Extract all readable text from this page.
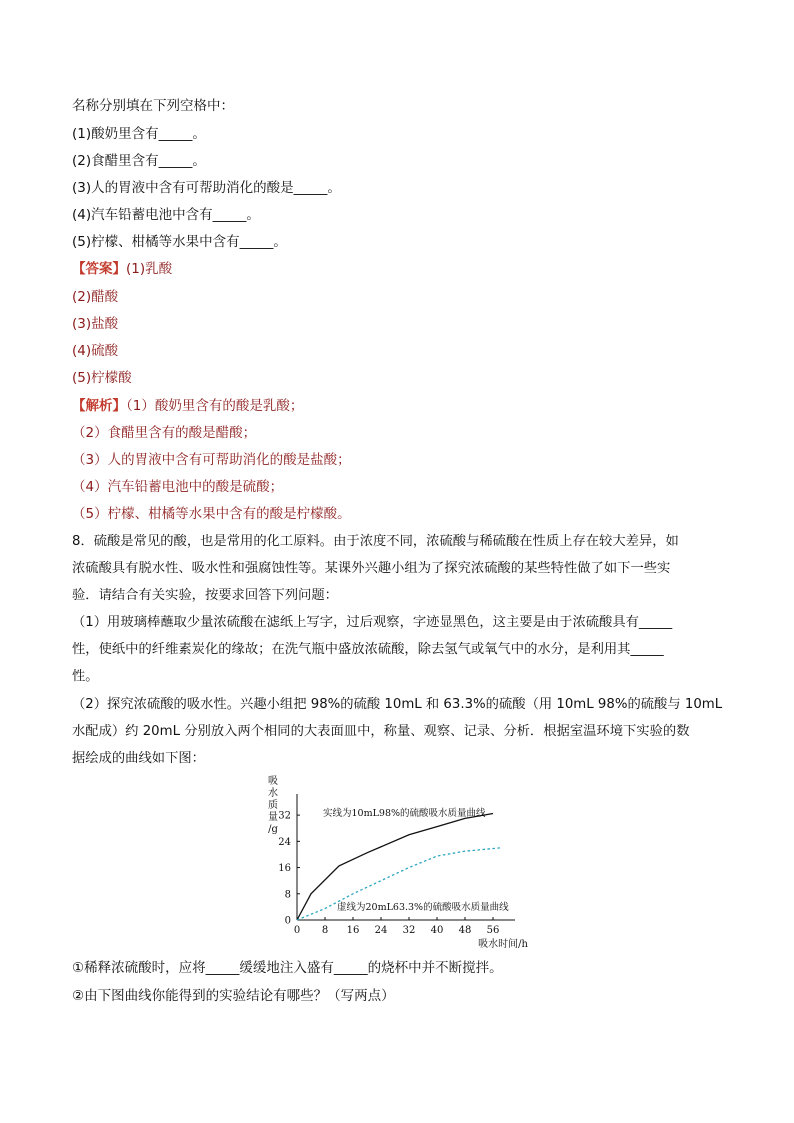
名称分别填在下列空格中：
(1)酸奶里含有_____。
(2)食醋里含有_____。
(3)人的胃液中含有可帮助消化的酸是_____。
(4)汽车铅蓄电池中含有_____。
(5)柠檬、柑橘等水果中含有_____。
【答案】(1)乳酸
(2)醋酸
(3)盐酸
(4)硫酸
(5)柠檬酸
【解析】（1）酸奶里含有的酸是乳酸；
（2）食醋里含有的酸是醋酸；
（3）人的胃液中含有可帮助消化的酸是盐酸；
（4）汽车铅蓄电池中的酸是硫酸；
（5）柠檬、柑橘等水果中含有的酸是柠檬酸。
8．硫酸是常见的酸，也是常用的化工原料。由于浓度不同，浓硫酸与稀硫酸在性质上存在较大差异，如
浓硫酸具有脱水性、吸水性和强腐蚀性等。某课外兴趣小组为了探究浓硫酸的某些特性做了如下一些实
验．请结合有关实验，按要求回答下列问题：
（1）用玻璃棒蘸取少量浓硫酸在滤纸上写字，过后观察，字迹显黑色，这主要是由于浓硫酸具有_____
性，使纸中的纤维素炭化的缘故；在洗气瓶中盛放浓硫酸，除去氢气或氧气中的水分，是利用其_____
性。
（2）探究浓硫酸的吸水性。兴趣小组把 98%的硫酸 10mL 和 63.3%的硫酸（用 10mL 98%的硫酸与 10mL
水配成）约 20mL 分别放入两个相同的大表面皿中，称量、观察、记录、分析．根据室温环境下实验的数
据绘成的曲线如下图：
0 8 16 24 32 40 48 56
0
8
16
24
32
吸
水
质
量
/g
吸水时间/h
实线为10mL98%的硫酸吸水质量曲线
虚线为20mL63.3%的硫酸吸水质量曲线
①稀释浓硫酸时，应将_____缓缓地注入盛有_____的烧杯中并不断搅拌。
②由下图曲线你能得到的实验结论有哪些？（写两点）
